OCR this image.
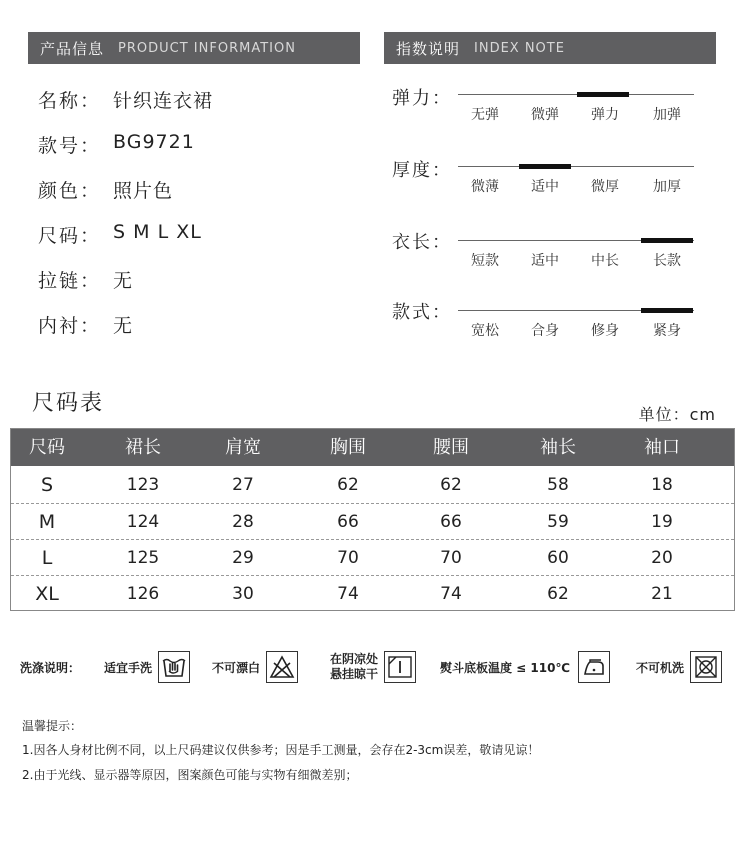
产品信息 PRODUCT INFORMATION	指数说明 INDEX NOTE
名称 ： 针织连衣裙
款号 ： BG9721
颜色 ： 照片色
尺码 ： S M L XL
拉链 ： 无
内衬 ： 无
弹力：
无弹	微弹	弹力	加弹
厚度：
微薄	适中	微厚	加厚
衣长：
短款	适中	中长	长款
款式：
宽松	合身	修身	紧身
尺码表	单位：cm
尺码	裙长	肩宽	胸围	腰围	袖长	袖口
S	123	27	62	62	58	18
M	124	28	66	66	59	19
L	125	29	70	70	60	20
XL	126	30	74	74	62	21
洗涤说明： 适宜手洗	不可漂白
在阴凉处
悬挂晾干	熨斗底板温度 ≤ 110℃	不可机洗
温馨提示：
1.因各人身材比例不同，以上尺码建议仅供参考；因是手工测量，会存在2-3cm误差，敬请见谅！
2.由于光线、显示器等原因，图案颜色可能与实物有细微差别；
